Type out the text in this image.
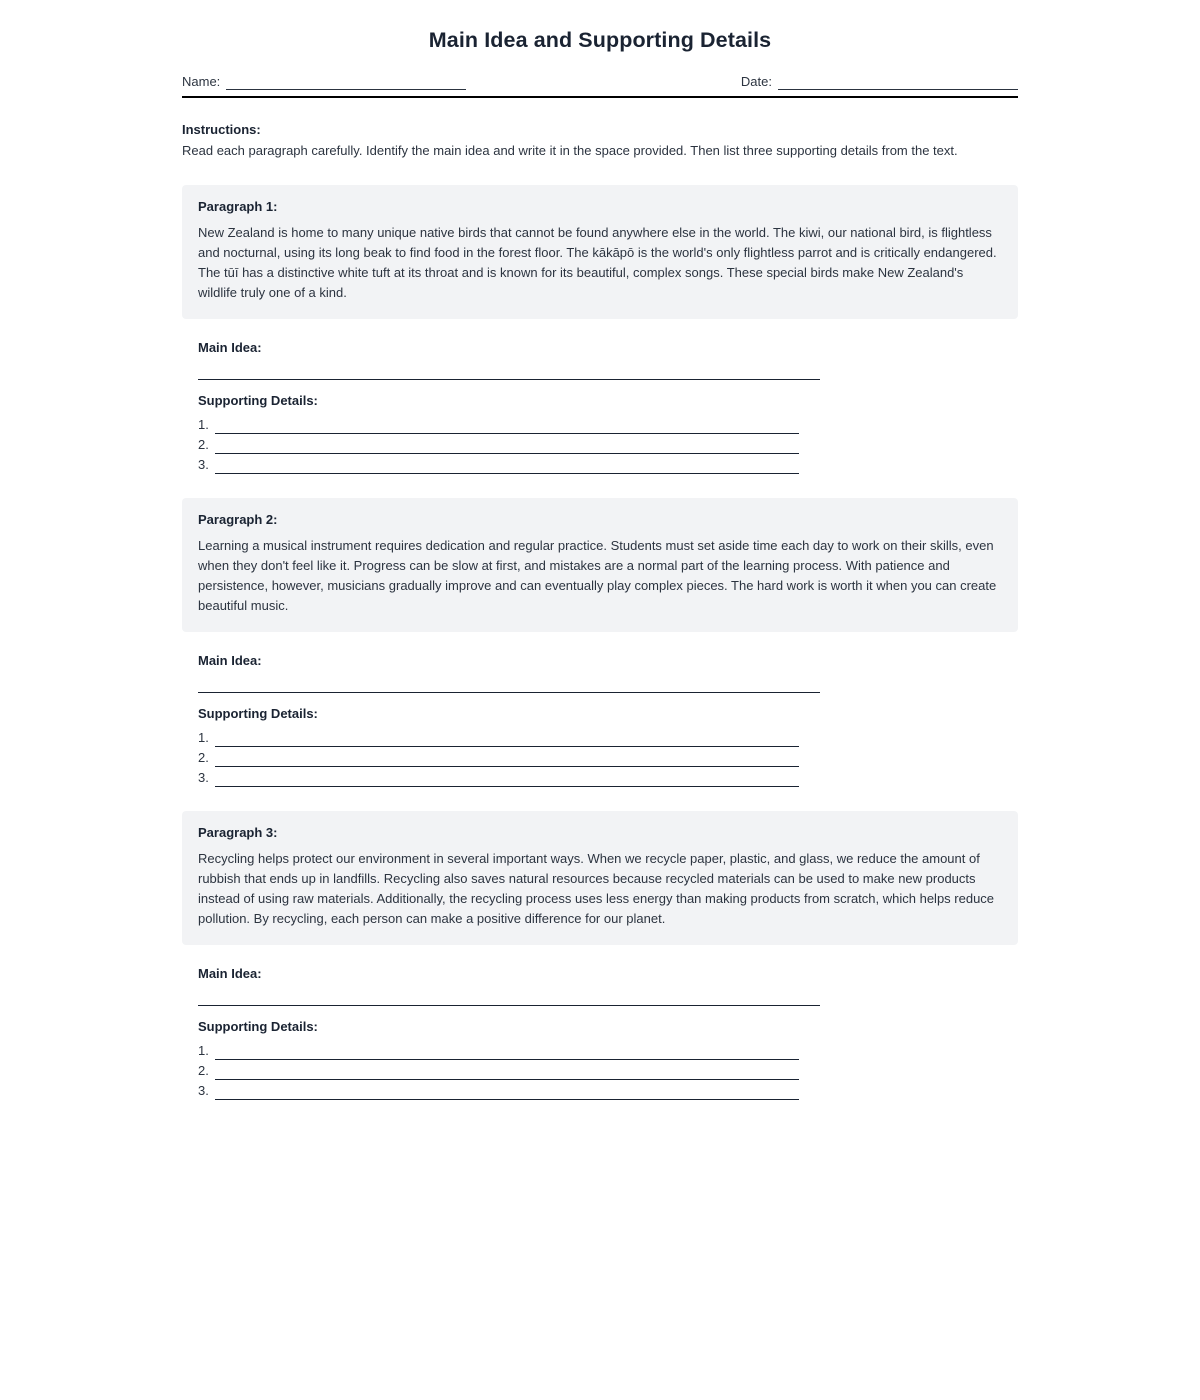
Main Idea and Supporting Details
Name:	Date:
Instructions:
Read each paragraph carefully. Identify the main idea and write it in the space provided. Then list three supporting details from the text.
Paragraph 1:
New Zealand is home to many unique native birds that cannot be found anywhere else in the world. The kiwi, our national bird, is flightless and nocturnal, using its long beak to find food in the forest floor. The kākāpō is the world's only flightless parrot and is critically endangered. The tūī has a distinctive white tuft at its throat and is known for its beautiful, complex songs. These special birds make New Zealand's wildlife truly one of a kind.
Main Idea:
Supporting Details:
1.
2.
3.
Paragraph 2:
Learning a musical instrument requires dedication and regular practice. Students must set aside time each day to work on their skills, even when they don't feel like it. Progress can be slow at first, and mistakes are a normal part of the learning process. With patience and persistence, however, musicians gradually improve and can eventually play complex pieces. The hard work is worth it when you can create beautiful music.
Main Idea:
Supporting Details:
1.
2.
3.
Paragraph 3:
Recycling helps protect our environment in several important ways. When we recycle paper, plastic, and glass, we reduce the amount of rubbish that ends up in landfills. Recycling also saves natural resources because recycled materials can be used to make new products instead of using raw materials. Additionally, the recycling process uses less energy than making products from scratch, which helps reduce pollution. By recycling, each person can make a positive difference for our planet.
Main Idea:
Supporting Details:
1.
2.
3.
